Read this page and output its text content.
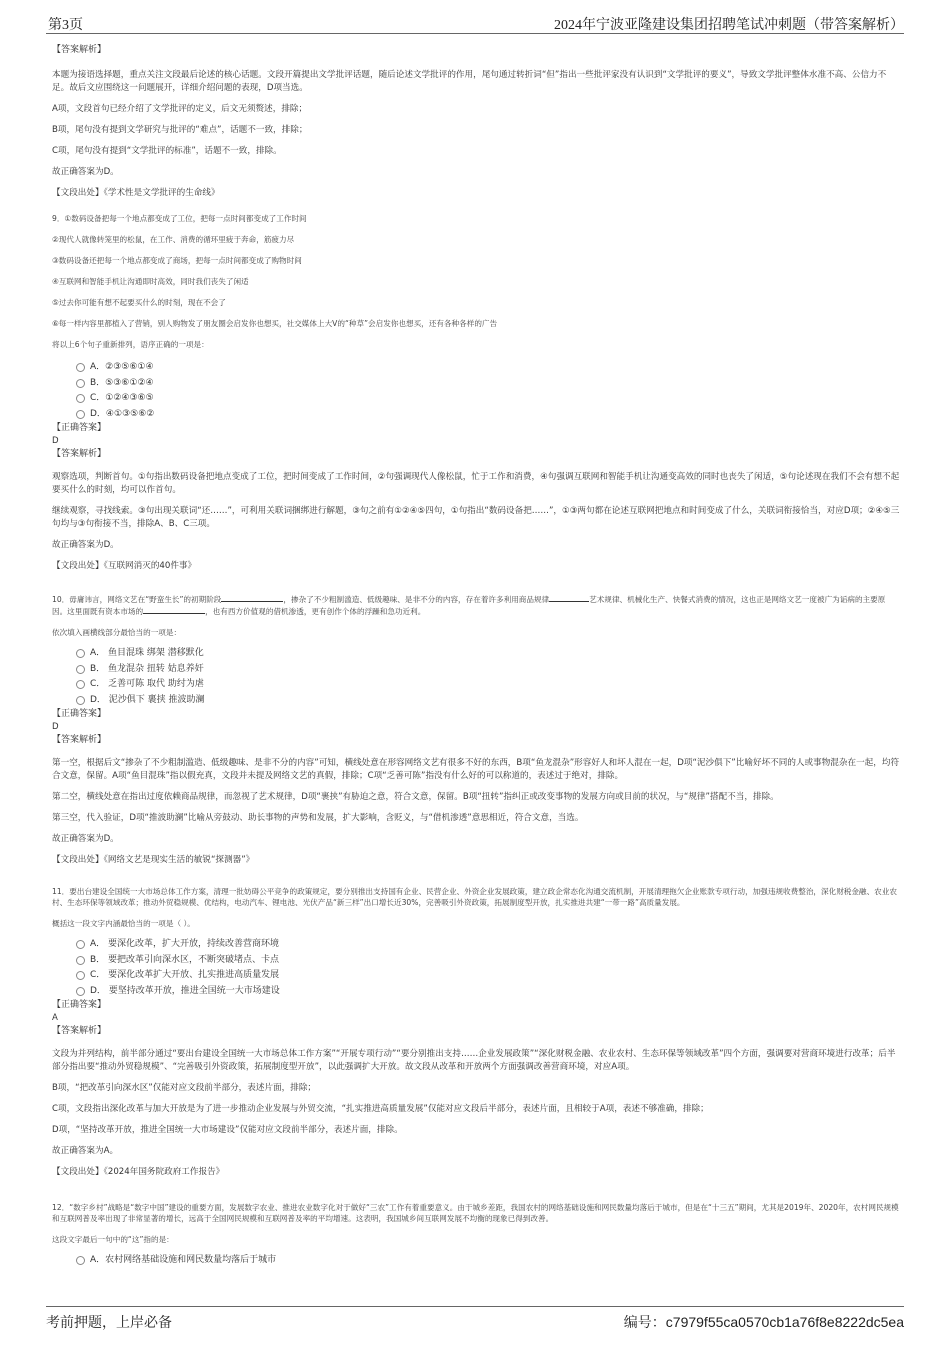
第3页	2024年宁波亚隆建设集团招聘笔试冲刺题（带答案解析）

【答案解析】

本题为接语选择题，重点关注文段最后论述的核心话题。文段开篇提出文学批评话题，随后论述文学批评的作用，尾句通过转折词“但”指出一些批评家没有认识到“文学批评的要义”，导致文学批评整体水准不高、公信力不足。故后文应围绕这一问题展开，详细介绍问题的表现，D项当选。

A项，文段首句已经介绍了文学批评的定义，后文无须赘述，排除；

B项，尾句没有提到文学研究与批评的“难点”，话题不一致，排除；

C项，尾句没有提到“文学批评的标准”，话题不一致，排除。

故正确答案为D。

【文段出处】《学术性是文学批评的生命线》

9．①数码设备把每一个地点都变成了工位，把每一点时间都变成了工作时间

②现代人就像转笼里的松鼠，在工作、消费的循环里疲于奔命，筋疲力尽

③数码设备还把每一个地点都变成了商场，把每一点时间都变成了购物时间

④互联网和智能手机让沟通即时高效，同时我们丧失了闲适

⑤过去你可能有想不起要买什么的时刻，现在不会了

⑥每一样内容里都植入了营销，别人购物发了朋友圈会启发你也想买，社交媒体上大V的“种草”会启发你也想买，还有各种各样的广告

将以上6个句子重新排列，语序正确的一项是：

A．②③⑤⑥①④
B．⑤③⑥①②④
C．①②④③⑥⑤
D．④①③⑤⑥②

【正确答案】

D

【答案解析】

观察选项，判断首句。①句指出数码设备把地点变成了工位，把时间变成了工作时间，②句强调现代人像松鼠，忙于工作和消费，④句强调互联网和智能手机让沟通变高效的同时也丧失了闲适，⑤句论述现在我们不会有想不起要买什么的时刻，均可以作首句。

继续观察，寻找线索。③句出现关联词“还……”，可利用关联词捆绑进行解题，③句之前有①②④⑤四句，①句指出“数码设备把……”，①③两句都在论述互联网把地点和时间变成了什么，关联词衔接恰当，对应D项；②④⑤三句均与③句衔接不当，排除A、B、C三项。

故正确答案为D。

【文段出处】《互联网消灭的40件事》

10．毋庸讳言，网络文艺在“野蛮生长”的初期阶段	，掺杂了不少粗制滥造、低级趣味、是非不分的内容，存在着许多利用商品规律	艺术规律、机械化生产、快餐式消费的情况，这也正是网络文艺一度被广为诟病的主要原因。这里面既有资本市场的	，也有西方价值观的借机渗透，更有创作个体的浮躁和急功近利。

依次填入画横线部分最恰当的一项是：

A． 鱼目混珠 绑架 潜移默化
B． 鱼龙混杂 扭转 姑息养奸
C． 乏善可陈 取代 助纣为虐
D． 泥沙俱下 裹挟 推波助澜

【正确答案】

D

【答案解析】

第一空，根据后文“掺杂了不少粗制滥造、低级趣味、是非不分的内容”可知，横线处意在形容网络文艺有很多不好的东西，B项“鱼龙混杂”形容好人和坏人混在一起，D项“泥沙俱下”比喻好坏不同的人或事物混杂在一起，均符合文意，保留。A项“鱼目混珠”指以假充真，文段并未提及网络文艺的真假，排除；C项“乏善可陈”指没有什么好的可以称道的，表述过于绝对，排除。

第二空，横线处意在指出过度依赖商品规律，而忽视了艺术规律，D项“裹挟”有胁迫之意，符合文意，保留。B项“扭转”指纠正或改变事物的发展方向或目前的状况，与“规律”搭配不当，排除。

第三空，代入验证，D项“推波助澜”比喻从旁鼓动、助长事物的声势和发展，扩大影响，含贬义，与“借机渗透”意思相近，符合文意，当选。

故正确答案为D。

【文段出处】《网络文艺是现实生活的敏锐“探测器”》

11．要出台建设全国统一大市场总体工作方案，清理一批妨碍公平竞争的政策规定，要分别推出支持国有企业、民营企业、外资企业发展政策，建立政企常态化沟通交流机制，开展清理拖欠企业账款专项行动，加强违规收费整治，深化财税金融、农业农村、生态环保等领域改革；推动外贸稳规模、优结构，电动汽车、锂电池、光伏产品“新三样”出口增长近30%，完善吸引外资政策，拓展制度型开放，扎实推进共建“一带一路”高质量发展。

概括这一段文字内涵最恰当的一项是（ ）。

A． 要深化改革，扩大开放，持续改善营商环境
B． 要把改革引向深水区，不断突破堵点、卡点
C． 要深化改革扩大开放、扎实推进高质量发展
D． 要坚持改革开放，推进全国统一大市场建设

【正确答案】

A

【答案解析】

文段为并列结构，前半部分通过“要出台建设全国统一大市场总体工作方案”“开展专项行动”“要分别推出支持……企业发展政策”“深化财税金融、农业农村、生态环保等领域改革”四个方面，强调要对营商环境进行改革；后半部分指出要“推动外贸稳规模”、“完善吸引外资政策，拓展制度型开放”，以此强调扩大开放。故文段从改革和开放两个方面强调改善营商环境，对应A项。

B项，“把改革引向深水区”仅能对应文段前半部分，表述片面，排除；

C项，文段指出深化改革与加大开放是为了进一步推动企业发展与外贸交流，“扎实推进高质量发展”仅能对应文段后半部分，表述片面，且相较于A项，表述不够准确，排除；

D项，“坚持改革开放，推进全国统一大市场建设”仅能对应文段前半部分，表述片面，排除。

故正确答案为A。

【文段出处】《2024年国务院政府工作报告》

12．“数字乡村”战略是“数字中国”建设的重要方面，发展数字农业、推进农业数字化对于做好“三农”工作有着重要意义。由于城乡差距，我国农村的网络基础设施和网民数量均落后于城市，但是在“十三五”期间，尤其是2019年、2020年，农村网民规模和互联网普及率出现了非常显著的增长，远高于全国网民规模和互联网普及率的平均增速。这表明，我国城乡间互联网发展不均衡的现象已得到改善。

这段文字最后一句中的“这”指的是：

A．农村网络基础设施和网民数量均落后于城市
考前押题，上岸必备	编号：c7979f55ca0570cb1a76f8e8222dc5ea
